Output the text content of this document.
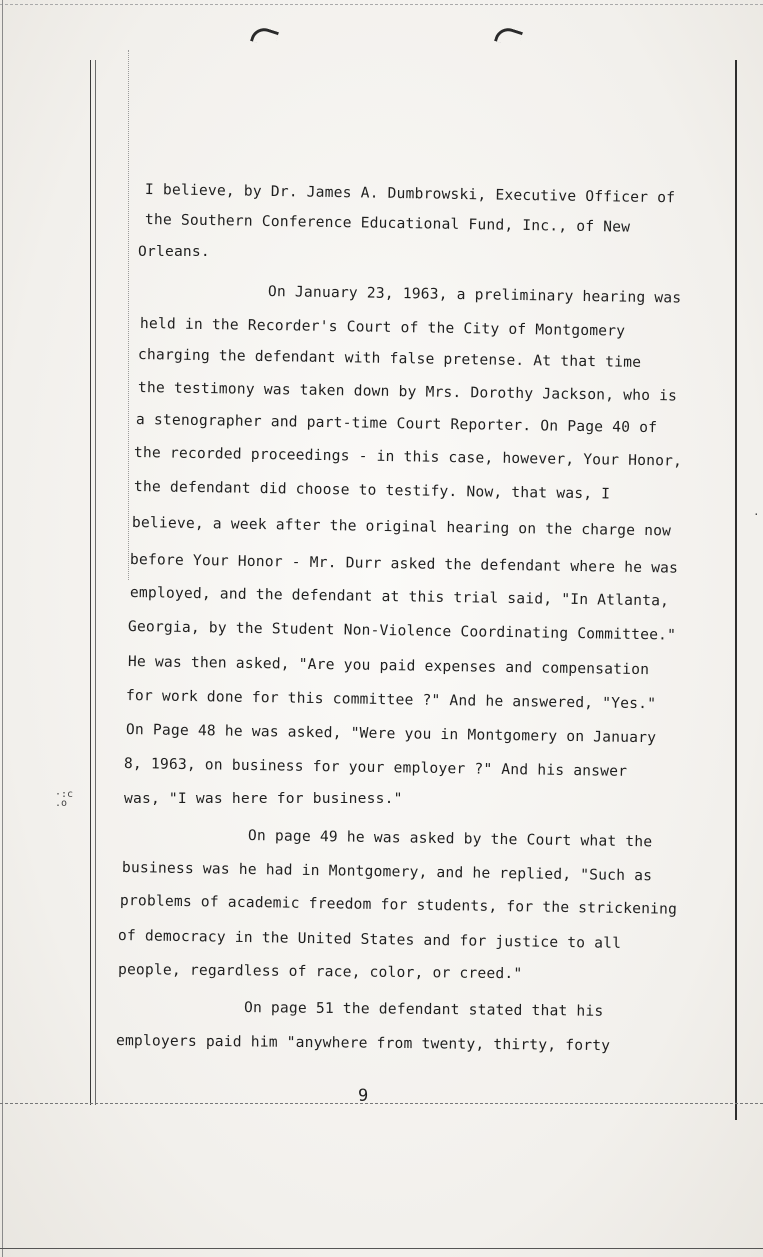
I believe, by Dr. James A. Dumbrowski, Executive Officer of
the Southern Conference Educational Fund, Inc., of New
Orleans.
On January 23, 1963, a preliminary hearing was
held in the Recorder's Court of the City of Montgomery
charging the defendant with false pretense. At that time
the testimony was taken down by Mrs. Dorothy Jackson, who is
a stenographer and part-time Court Reporter. On Page 40 of
the recorded proceedings - in this case, however, Your Honor,
the defendant did choose to testify. Now, that was, I
believe, a week after the original hearing on the charge now
before Your Honor - Mr. Durr asked the defendant where he was
employed, and the defendant at this trial said, "In Atlanta,
Georgia, by the Student Non-Violence Coordinating Committee."
He was then asked, "Are you paid expenses and compensation
for work done for this committee ?" And he answered, "Yes."
On Page 48 he was asked, "Were you in Montgomery on January
8, 1963, on business for your employer ?" And his answer
was, "I was here for business."
On page 49 he was asked by the Court what the
business was he had in Montgomery, and he replied, "Such as
problems of academic freedom for students, for the strickening
of democracy in the United States and for justice to all
people, regardless of race, color, or creed."
On page 51 the defendant stated that his
employers paid him "anywhere from twenty, thirty, forty
9
·:c
.o
·
